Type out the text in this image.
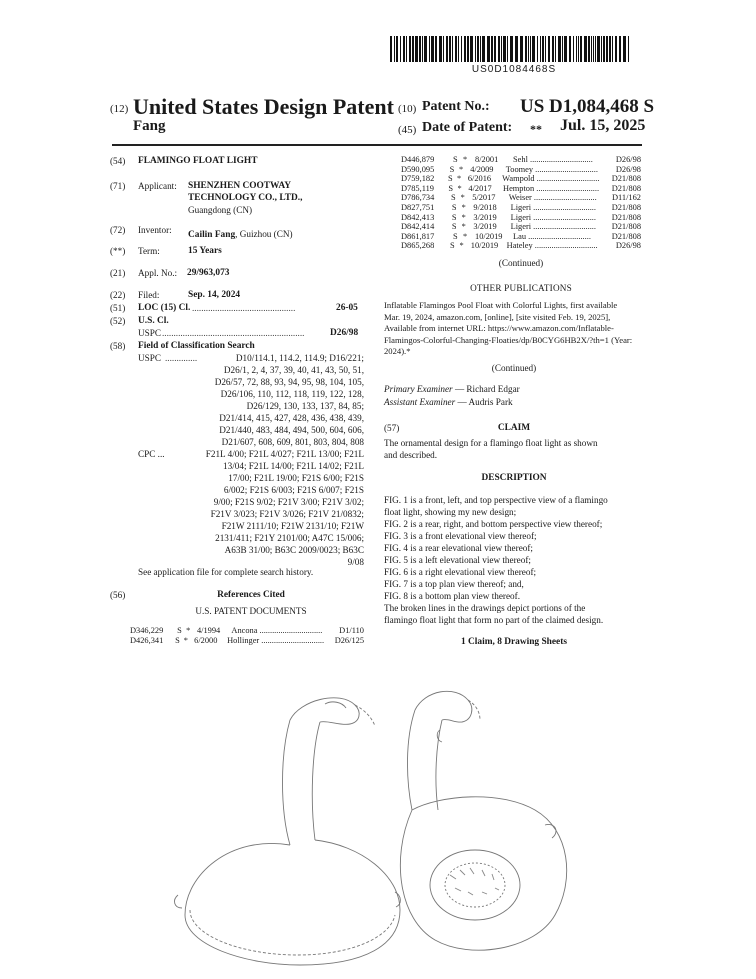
US0D1084468S
(12) United States Design Patent
Fang
(10) Patent No.: US D1,084,468 S
(45) Date of Patent: ** Jul. 15, 2025
(54) FLAMINGO FLOAT LIGHT
(71) Applicant: SHENZHEN COOTWAY
TECHNOLOGY CO., LTD.,
Guangdong (CN)
(72) Inventor: Cailin Fang, Guizhou (CN)
(**) Term:	15 Years
(21) Appl. No.: 29/963,073
(22) Filed:	Sep. 14, 2024
(51) LOC (15) Cl. .............................................	26-05
(52) U.S. Cl.
USPC ..............................................................	D26/98
(58) Field of Classification Search
USPC ..............	D10/114.1, 114.2, 114.9; D16/221;
D26/1, 2, 4, 37, 39, 40, 41, 43, 50, 51,
D26/57, 72, 88, 93, 94, 95, 98, 104, 105,
D26/106, 110, 112, 118, 119, 122, 128,
D26/129, 130, 133, 137, 84, 85;
D21/414, 415, 427, 428, 436, 438, 439,
D21/440, 483, 484, 494, 500, 604, 606,
D21/607, 608, 609, 801, 803, 804, 808
CPC ...	F21L 4/00; F21L 4/027; F21L 13/00; F21L
13/04; F21L 14/00; F21L 14/02; F21L
17/00; F21L 19/00; F21S 6/00; F21S
6/002; F21S 6/003; F21S 6/007; F21S
9/00; F21S 9/02; F21V 3/00; F21V 3/02;
F21V 3/023; F21V 3/026; F21V 21/0832;
F21W 2111/10; F21W 2131/10; F21W
2131/411; F21Y 2101/00; A47C 15/006;
A63B 31/00; B63C 2009/0023; B63C
9/08
See application file for complete search history.
(56)	References Cited
U.S. PATENT DOCUMENTS
D346,229	S * 4/1994	Ancona ..............................	D1/110
D426,341	S * 6/2000	Hollinger ..............................	D26/125
D446,879	S * 8/2001	Sehl ..............................	D26/98
D590,095	S * 4/2009	Toomey ..............................	D26/98
D759,182	S * 6/2016	Wampold ..............................	D21/808
D785,119	S * 4/2017	Hempton ..............................	D21/808
D786,734	S * 5/2017	Weiser ..............................	D11/162
D827,751	S * 9/2018	Ligeri ..............................	D21/808
D842,413	S * 3/2019	Ligeri ..............................	D21/808
D842,414	S * 3/2019	Ligeri ..............................	D21/808
D861,817	S * 10/2019	Lau ..............................	D21/808
D865,268	S * 10/2019 Hateley ..............................	D26/98
(Continued)
OTHER PUBLICATIONS
Inflatable Flamingos Pool Float with Colorful Lights, first available
Mar. 19, 2024, amazon.com, [online], [site visited Feb. 19, 2025],
Available from internet URL: https://www.amazon.com/Inflatable-
Flamingos-Colorful-Changing-Floaties/dp/B0CYG6HB2X/?th=1 (Year:
2024).*
(Continued)
Primary Examiner — Richard Edgar
Assistant Examiner — Audris Park
(57)	CLAIM
The ornamental design for a flamingo float light as shown
and described.
DESCRIPTION
FIG. 1 is a front, left, and top perspective view of a flamingo
float light, showing my new design;
FIG. 2 is a rear, right, and bottom perspective view thereof;
FIG. 3 is a front elevational view thereof;
FIG. 4 is a rear elevational view thereof;
FIG. 5 is a left elevational view thereof;
FIG. 6 is a right elevational view thereof;
FIG. 7 is a top plan view thereof; and,
FIG. 8 is a bottom plan view thereof.
The broken lines in the drawings depict portions of the
flamingo float light that form no part of the claimed design.
1 Claim, 8 Drawing Sheets
